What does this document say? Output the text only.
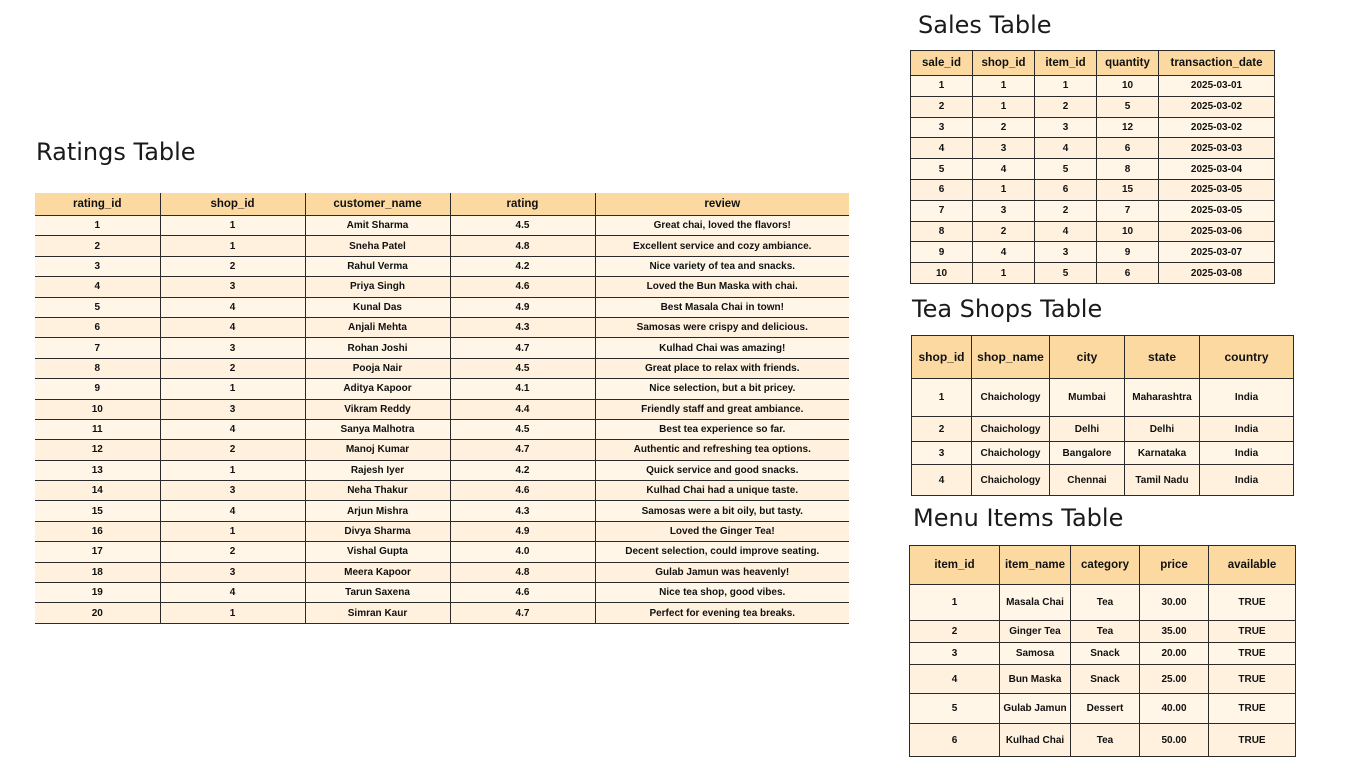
Ratings Table
Sales Table
Tea Shops Table
Menu Items Table
rating_id	shop_id	customer_name	rating	review
1	1	Amit Sharma	4.5	Great chai, loved the flavors!
2	1	Sneha Patel	4.8	Excellent service and cozy ambiance.
3	2	Rahul Verma	4.2	Nice variety of tea and snacks.
4	3	Priya Singh	4.6	Loved the Bun Maska with chai.
5	4	Kunal Das	4.9	Best Masala Chai in town!
6	4	Anjali Mehta	4.3	Samosas were crispy and delicious.
7	3	Rohan Joshi	4.7	Kulhad Chai was amazing!
8	2	Pooja Nair	4.5	Great place to relax with friends.
9	1	Aditya Kapoor	4.1	Nice selection, but a bit pricey.
10	3	Vikram Reddy	4.4	Friendly staff and great ambiance.
11	4	Sanya Malhotra	4.5	Best tea experience so far.
12	2	Manoj Kumar	4.7	Authentic and refreshing tea options.
13	1	Rajesh Iyer	4.2	Quick service and good snacks.
14	3	Neha Thakur	4.6	Kulhad Chai had a unique taste.
15	4	Arjun Mishra	4.3	Samosas were a bit oily, but tasty.
16	1	Divya Sharma	4.9	Loved the Ginger Tea!
17	2	Vishal Gupta	4.0	Decent selection, could improve seating.
18	3	Meera Kapoor	4.8	Gulab Jamun was heavenly!
19	4	Tarun Saxena	4.6	Nice tea shop, good vibes.
20	1	Simran Kaur	4.7	Perfect for evening tea breaks.
sale_id	shop_id	item_id	quantity	transaction_date
1	1	1	10	2025-03-01
2	1	2	5	2025-03-02
3	2	3	12	2025-03-02
4	3	4	6	2025-03-03
5	4	5	8	2025-03-04
6	1	6	15	2025-03-05
7	3	2	7	2025-03-05
8	2	4	10	2025-03-06
9	4	3	9	2025-03-07
10	1	5	6	2025-03-08
shop_id	shop_name	city	state	country
1	Chaichology	Mumbai	Maharashtra	India
2	Chaichology	Delhi	Delhi	India
3	Chaichology	Bangalore	Karnataka	India
4	Chaichology	Chennai	Tamil Nadu	India
item_id	item_name	category	price	available
1	Masala Chai	Tea	30.00	TRUE
2	Ginger Tea	Tea	35.00	TRUE
3	Samosa	Snack	20.00	TRUE
4	Bun Maska	Snack	25.00	TRUE
5	Gulab Jamun	Dessert	40.00	TRUE
6	Kulhad Chai	Tea	50.00	TRUE
